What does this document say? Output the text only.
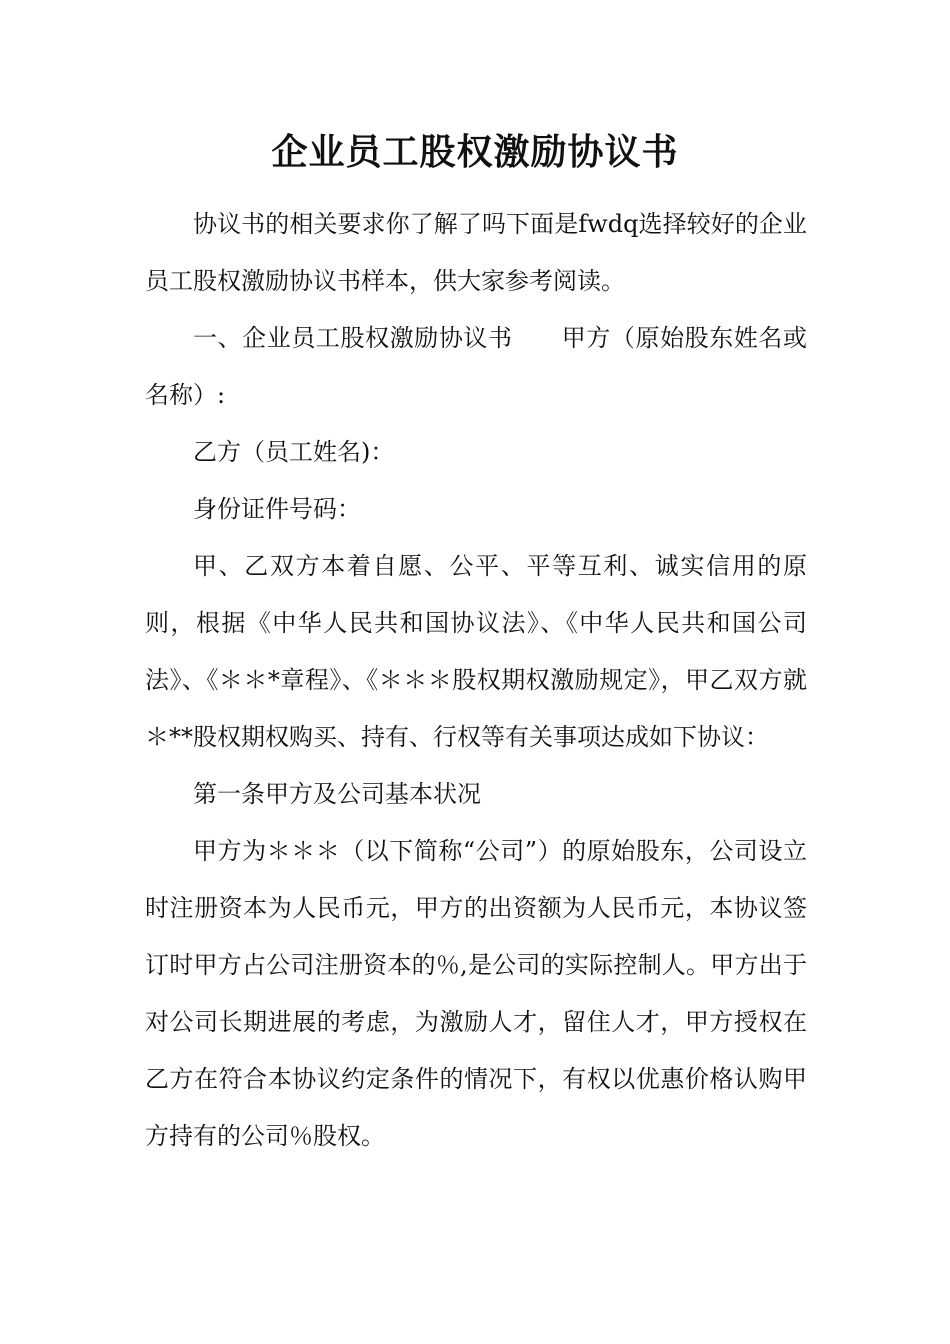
企业员工股权激励协议书

协议书的相关要求你了解了吗下面是fwdq选择较好的企业员工股权激励协议书样本，供大家参考阅读。

一、企业员工股权激励协议书　　甲方（原始股东姓名或名称）:

乙方（员工姓名)：

身份证件号码：

甲、乙双方本着自愿、公平、平等互利、诚实信用的原则，根据《中华人民共和国协议法》、《中华人民共和国公司法》、《＊＊*章程》、《＊＊＊股权期权激励规定》，甲乙双方就＊**股权期权购买、持有、行权等有关事项达成如下协议：

第一条甲方及公司基本状况

甲方为＊＊＊（以下简称“公司”）的原始股东，公司设立时注册资本为人民币元，甲方的出资额为人民币元，本协议签订时甲方占公司注册资本的％,是公司的实际控制人。甲方出于对公司长期进展的考虑，为激励人才，留住人才，甲方授权在乙方在符合本协议约定条件的情况下，有权以优惠价格认购甲方持有的公司％股权。
